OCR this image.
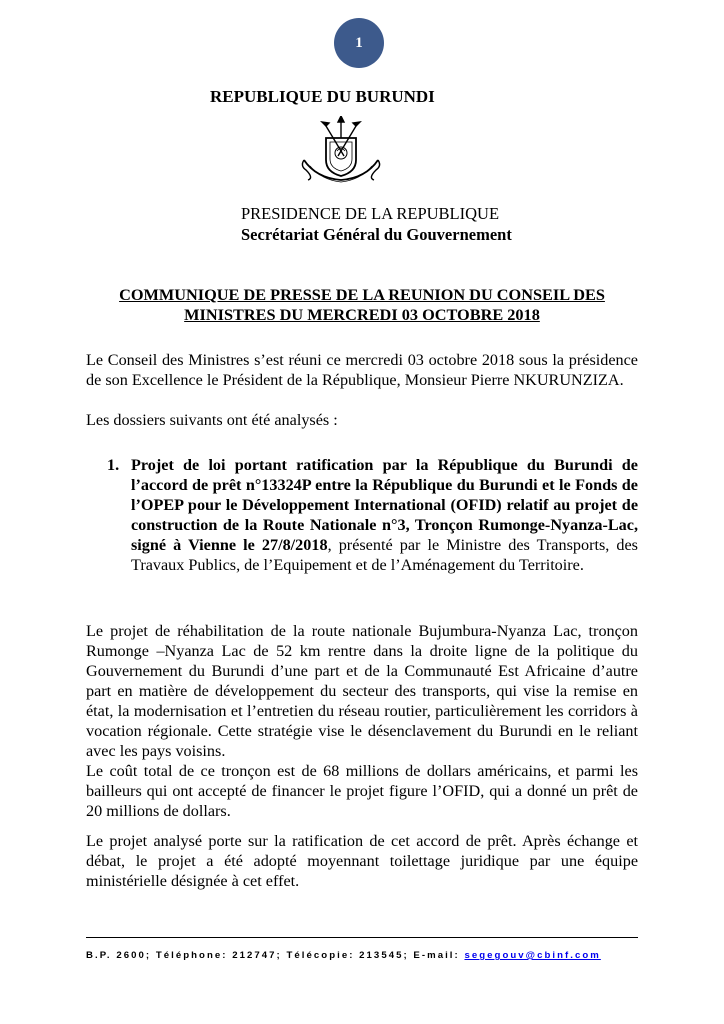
1
REPUBLIQUE DU BURUNDI
PRESIDENCE DE LA REPUBLIQUE
Secrétariat Général du Gouvernement
COMMUNIQUE DE PRESSE DE LA REUNION DU CONSEIL DES
MINISTRES DU MERCREDI 03 OCTOBRE 2018
Le Conseil des Ministres s’est réuni ce mercredi 03 octobre 2018 sous la présidence de son Excellence le Président de la République, Monsieur Pierre NKURUNZIZA.
Les dossiers suivants ont été analysés :
1. Projet de loi portant ratification par la République du Burundi de l’accord de prêt n°13324P entre la République du Burundi et le Fonds de l’OPEP pour le Développement International (OFID) relatif au projet de construction de la Route Nationale n°3, Tronçon Rumonge-Nyanza-Lac, signé à Vienne le 27/8/2018, présenté par le Ministre des Transports, des Travaux Publics, de l’Equipement et de l’Aménagement du Territoire.
Le projet de réhabilitation de la route nationale Bujumbura-Nyanza Lac, tronçon Rumonge –Nyanza Lac de 52 km rentre dans la droite ligne de la politique du Gouvernement du Burundi d’une part et de la Communauté Est Africaine d’autre part en matière de développement du secteur des transports, qui vise la remise en état, la modernisation et l’entretien du réseau routier, particulièrement les corridors à vocation régionale. Cette stratégie vise le désenclavement du Burundi en le reliant avec les pays voisins.
Le coût total de ce tronçon est de 68 millions de dollars américains, et parmi les bailleurs qui ont accepté de financer le projet figure l’OFID, qui a donné un prêt de 20 millions de dollars.
Le projet analysé porte sur la ratification de cet accord de prêt. Après échange et débat, le projet a été adopté moyennant toilettage juridique par une équipe ministérielle désignée à cet effet.
B.P. 2600; Téléphone: 212747; Télécopie: 213545; E-mail: segegouv@cbinf.com
